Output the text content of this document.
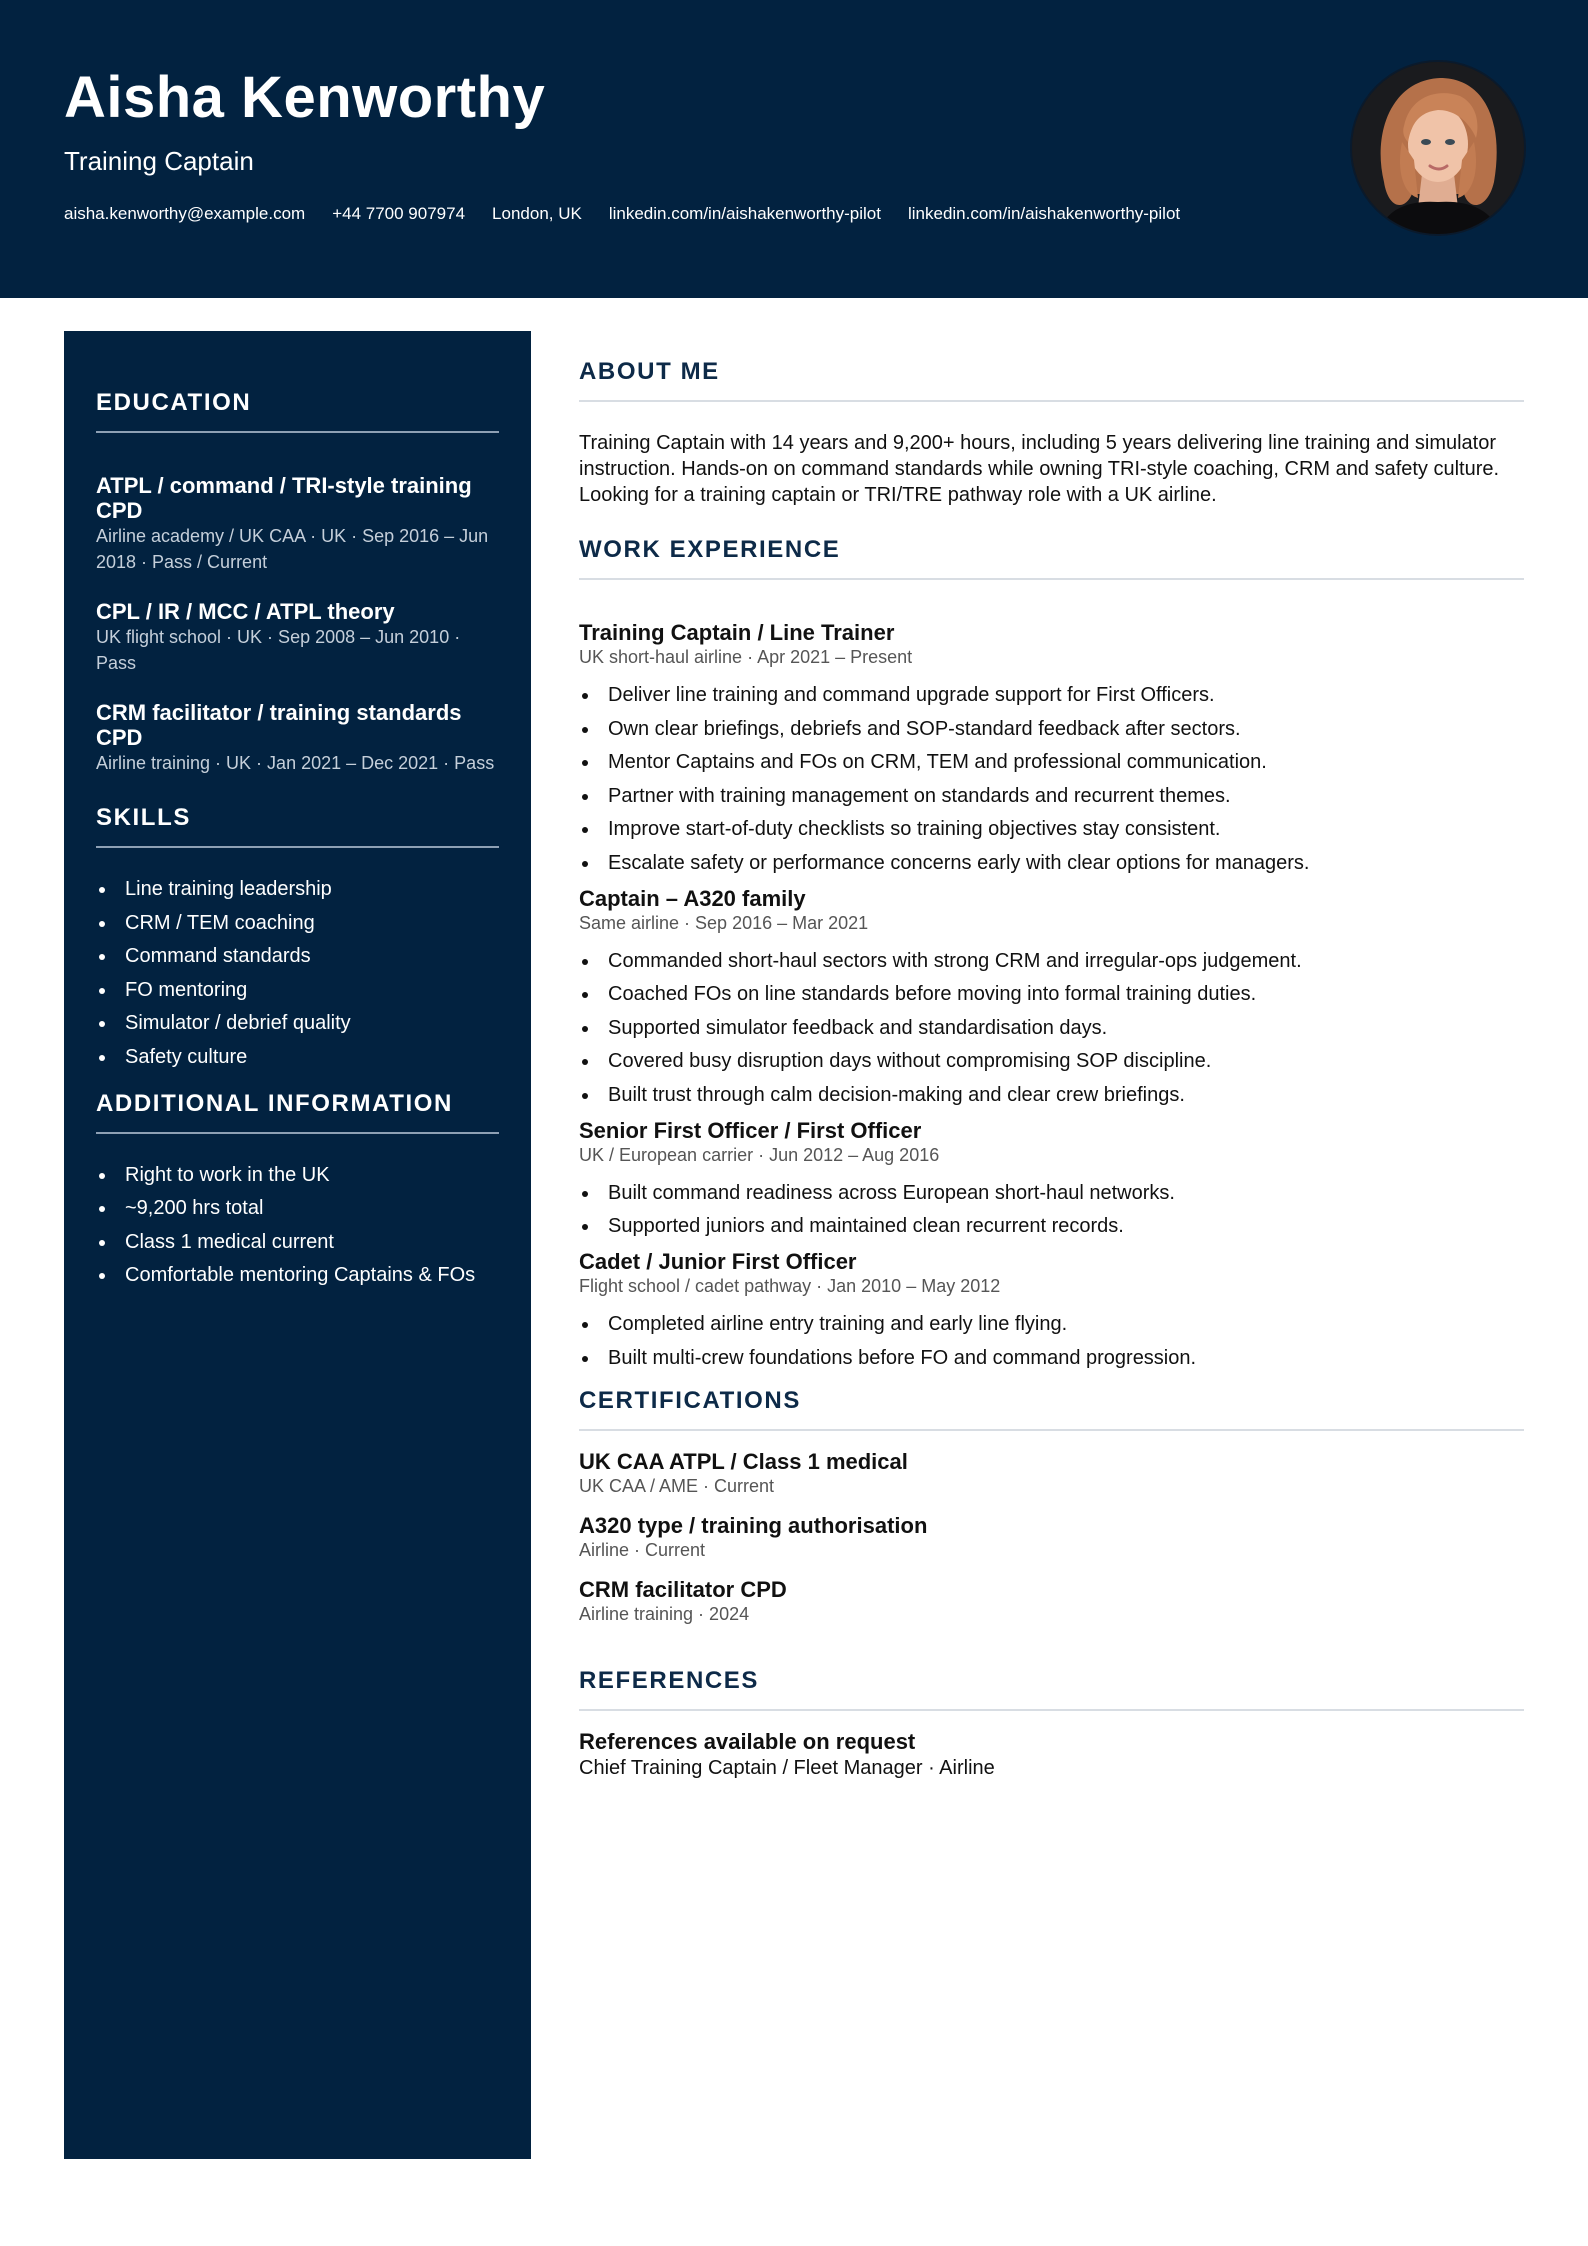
Aisha Kenworthy
Training Captain
aisha.kenworthy@example.com +44 7700 907974 London, UK linkedin.com/in/aishakenworthy-pilot linkedin.com/in/aishakenworthy-pilot
EDUCATION
ATPL / command / TRI-style training CPD
Airline academy / UK CAA · UK · Sep 2016 – Jun 2018 · Pass / Current
CPL / IR / MCC / ATPL theory
UK flight school · UK · Sep 2008 – Jun 2010 · Pass
CRM facilitator / training standards CPD
Airline training · UK · Jan 2021 – Dec 2021 · Pass
SKILLS
Line training leadership
CRM / TEM coaching
Command standards
FO mentoring
Simulator / debrief quality
Safety culture
ADDITIONAL INFORMATION
Right to work in the UK
~9,200 hrs total
Class 1 medical current
Comfortable mentoring Captains & FOs
ABOUT ME
Training Captain with 14 years and 9,200+ hours, including 5 years delivering line training and simulator instruction. Hands-on on command standards while owning TRI-style coaching, CRM and safety culture. Looking for a training captain or TRI/TRE pathway role with a UK airline.
WORK EXPERIENCE
Training Captain / Line Trainer
UK short-haul airline · Apr 2021 – Present
Deliver line training and command upgrade support for First Officers.
Own clear briefings, debriefs and SOP-standard feedback after sectors.
Mentor Captains and FOs on CRM, TEM and professional communication.
Partner with training management on standards and recurrent themes.
Improve start-of-duty checklists so training objectives stay consistent.
Escalate safety or performance concerns early with clear options for managers.
Captain – A320 family
Same airline · Sep 2016 – Mar 2021
Commanded short-haul sectors with strong CRM and irregular-ops judgement.
Coached FOs on line standards before moving into formal training duties.
Supported simulator feedback and standardisation days.
Covered busy disruption days without compromising SOP discipline.
Built trust through calm decision-making and clear crew briefings.
Senior First Officer / First Officer
UK / European carrier · Jun 2012 – Aug 2016
Built command readiness across European short-haul networks.
Supported juniors and maintained clean recurrent records.
Cadet / Junior First Officer
Flight school / cadet pathway · Jan 2010 – May 2012
Completed airline entry training and early line flying.
Built multi-crew foundations before FO and command progression.
CERTIFICATIONS
UK CAA ATPL / Class 1 medical
UK CAA / AME · Current
A320 type / training authorisation
Airline · Current
CRM facilitator CPD
Airline training · 2024
REFERENCES
References available on request
Chief Training Captain / Fleet Manager · Airline
